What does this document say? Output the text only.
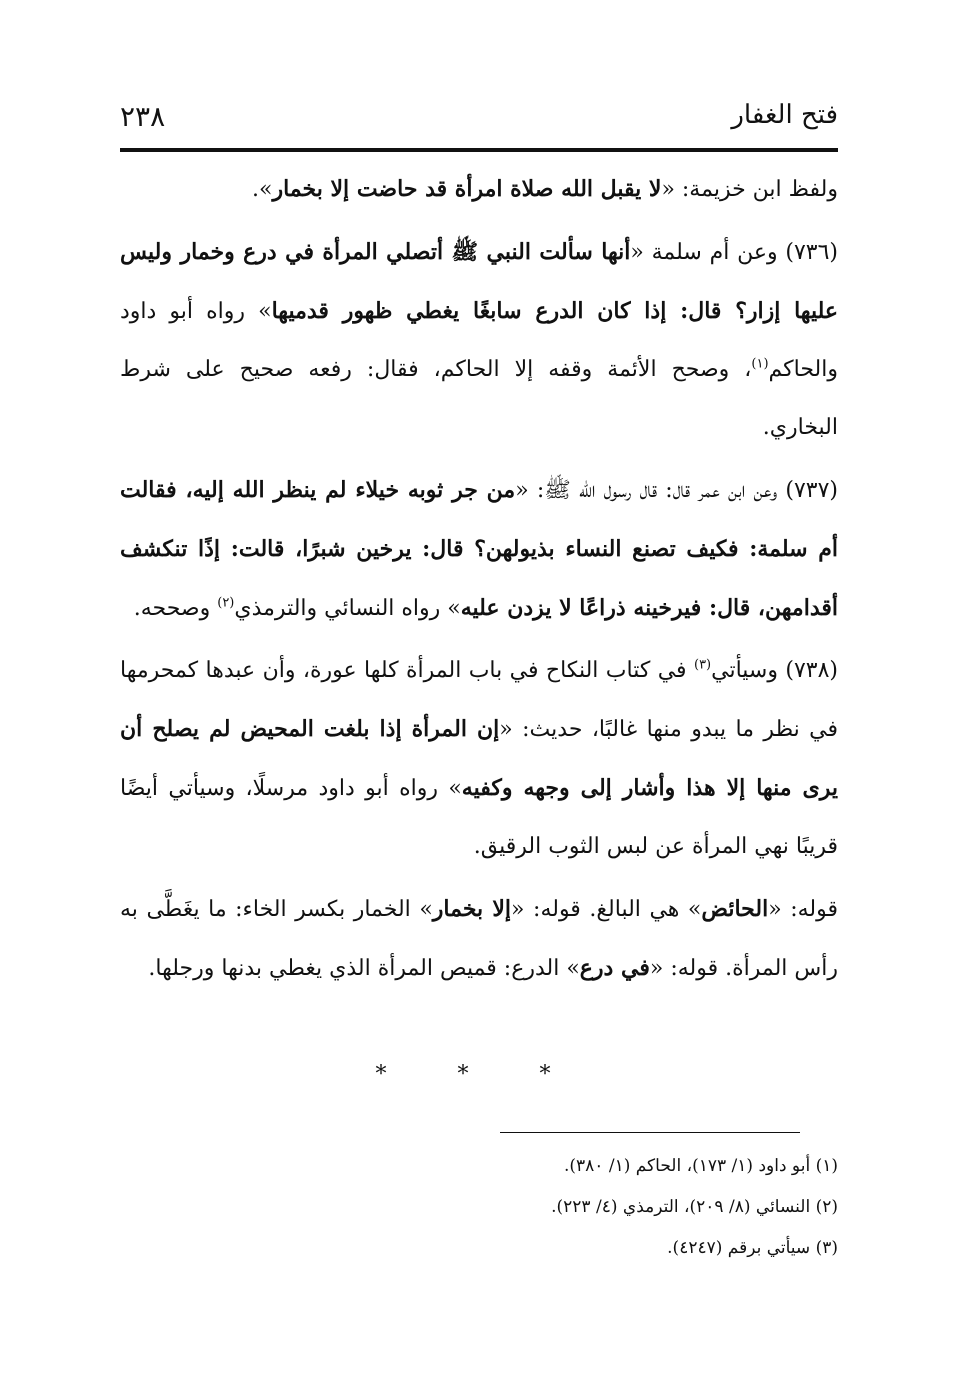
فتح الغفار
٢٣٨

ولفظ ابن خزيمة: «لا يقبل الله صلاة امرأة قد حاضت إلا بخمار».

(٧٣٦) وعن أم سلمة «أنها سألت النبي ﷺ أتصلي المرأة في درع وخمار وليس عليها إزار؟ قال: إذا كان الدرع سابغًا يغطي ظهور قدميها» رواه أبو داود والحاكم$^{(١)}$، وصحح الأئمة وقفه إلا الحاكم، فقال: رفعه صحيح على شرط البخاري.

(٧٣٧) وعن ابن عمر قال: قال رسول الله ﷺ: «من جر ثوبه خيلاء لم ينظر الله إليه، فقالت أم سلمة: فكيف تصنع النساء بذيولهن؟ قال: يرخين شبرًا، قالت: إذًا تنكشف أقدامهن، قال: فيرخينه ذراعًا لا يزدن عليه» رواه النسائي والترمذي$^{(٢)}$ وصححه.

(٧٣٨) وسيأتي$^{(٣)}$ في كتاب النكاح في باب المرأة كلها عورة، وأن عبدها كمحرمها في نظر ما يبدو منها غالبًا، حديث: «إن المرأة إذا بلغت المحيض لم يصلح أن يرى منها إلا هذا وأشار إلى وجهه وكفيه» رواه أبو داود مرسلًا، وسيأتي أيضًا قريبًا نهي المرأة عن لبس الثوب الرقيق.

قوله: «الحائض» هي البالغ. قوله: «إلا بخمار» الخمار بكسر الخاء: ما يغَطَّى به رأس المرأة. قوله: «في درع» الدرع: قميص المرأة الذي يغطي بدنها ورجلها.

* * *
(١) أبو داود (١/ ١٧٣)، الحاكم (١/ ٣٨٠).
(٢) النسائي (٨/ ٢٠٩)، الترمذي (٤/ ٢٢٣).
(٣) سيأتي برقم (٤٢٤٧).
